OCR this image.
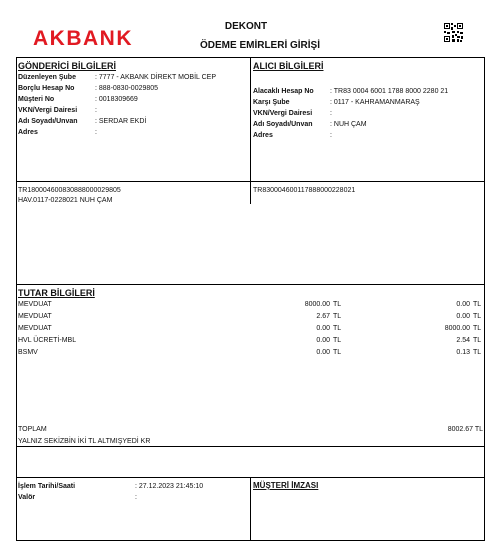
AKBANK
DEKONT
ÖDEME EMİRLERİ GİRİŞİ
GÖNDERİCİ BİLGİLERİ
Düzenleyen Şube	: 7777 - AKBANK DİREKT MOBİL CEP
Borçlu Hesap No	: 888-0830-0029805
Müşteri No	: 0018309669
VKN/Vergi Dairesi	:
Adı Soyadı/Unvan : SERDAR EKDİ
Adres	:
ALICI BİLGİLERİ
Alacaklı Hesap No : TR83 0004 6001 1788 8000 2280 21
Karşı Şube	: 0117 - KAHRAMANMARAŞ
VKN/Vergi Dairesi	:
Adı Soyadı/Unvan : NUH ÇAM
Adres	:
TR180004600830888000029805
HAV.0117-0228021 NUH ÇAM
TR830004600117888000228021
TUTAR BİLGİLERİ
MEVDUAT	8000.00 TL	0.00 TL
MEVDUAT	2.67 TL	0.00 TL
MEVDUAT	0.00 TL	8000.00 TL
HVL ÜCRETİ-MBL	0.00 TL	2.54 TL
BSMV	0.00 TL	0.13 TL
TOPLAM	8002.67 TL
YALNIZ SEKİZBİN İKİ TL ALTMIŞYEDİ KR
İşlem Tarihi/Saati	: 27.12.2023 21:45:10
Valör	:
MÜŞTERİ İMZASI
